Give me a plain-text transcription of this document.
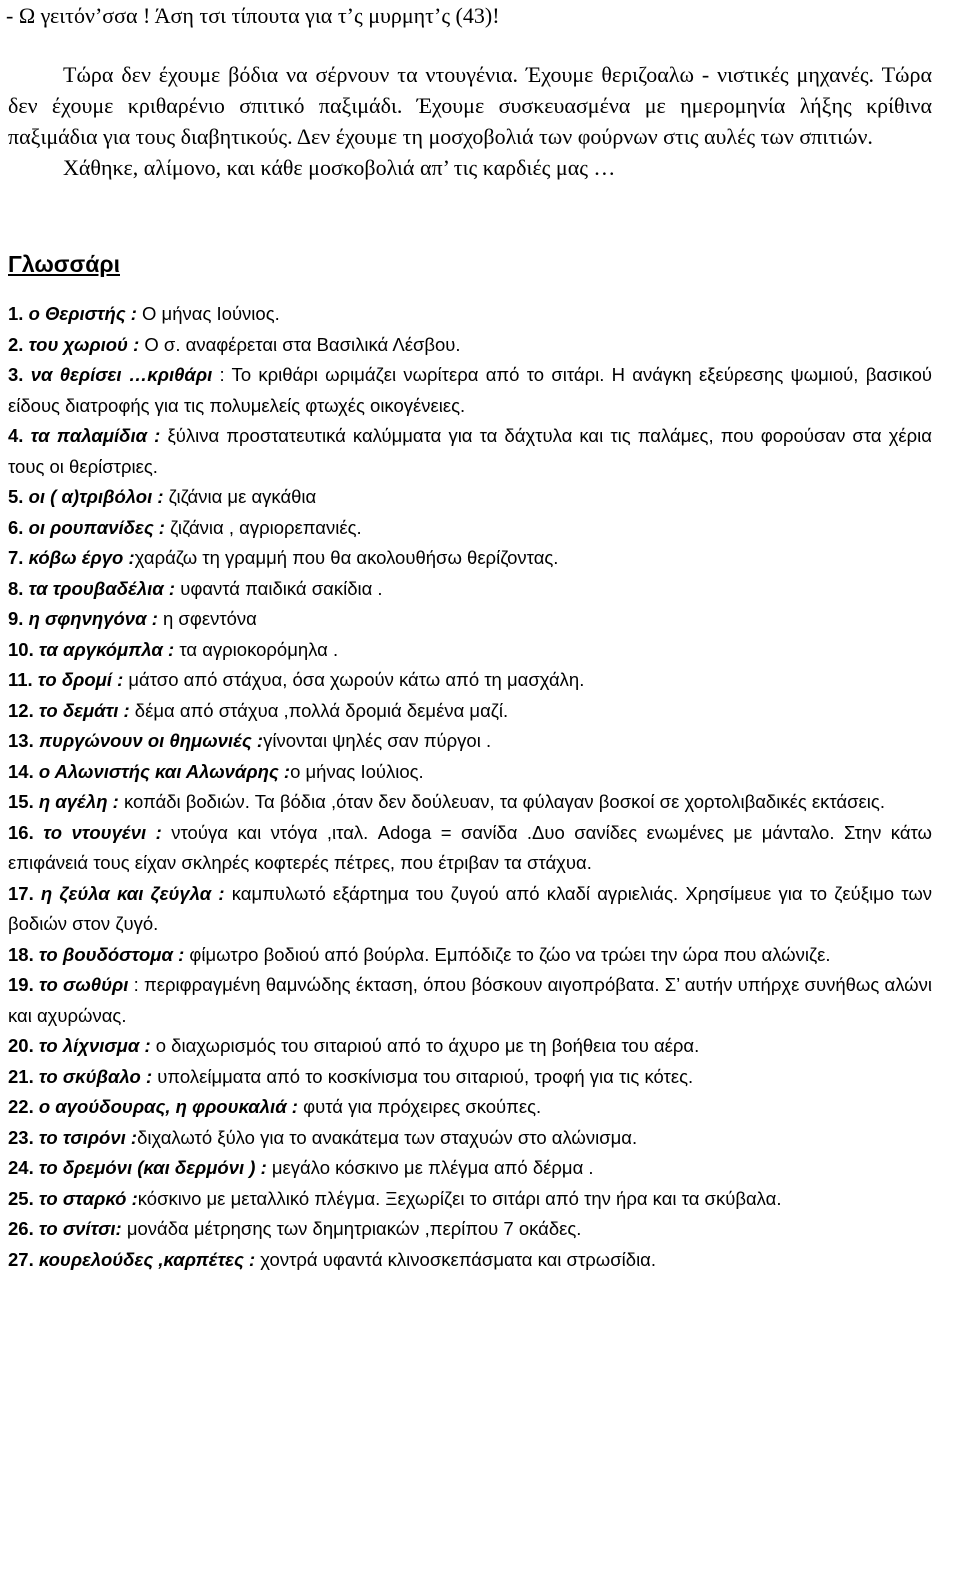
- Ω γειτόν’σσα ! Άση τσι τίπουτα για τ’ς μυρμητ’ς (43)!
Τώρα δεν έχουμε βόδια να σέρνουν τα ντουγένια. Έχουμε θεριζοαλω - νιστικές μηχανές. Τώρα δεν έχουμε κριθαρένιο σπιτικό παξιμάδι. Έχουμε συσκευασμένα με ημερομηνία λήξης κρίθινα παξιμάδια για τους διαβητικούς. Δεν έχουμε τη μοσχοβολιά των φούρνων στις αυλές των σπιτιών.
Χάθηκε, αλίμονο, και κάθε μοσκοβολιά απ’ τις καρδιές μας …
Γλωσσάρι
1. ο Θεριστής : Ο μήνας Ιούνιος.
2. του χωριού : Ο σ. αναφέρεται στα Βασιλικά Λέσβου.
3. να θερίσει …κριθάρι : Το κριθάρι ωριμάζει νωρίτερα από το σιτάρι. Η ανάγκη εξεύρεσης ψωμιού, βασικού είδους διατροφής για τις πολυμελείς φτωχές οικογένειες.
4. τα παλαμίδια : ξύλινα προστατευτικά καλύμματα για τα δάχτυλα και τις παλάμες, που φορούσαν στα χέρια τους οι θερίστριες.
5. οι ( α)τριβόλοι : ζιζάνια με αγκάθια
6. οι ρουπανίδες : ζιζάνια , αγριορεπανιές.
7. κόβω έργο :χαράζω τη γραμμή που θα ακολουθήσω θερίζοντας.
8. τα τρουβαδέλια : υφαντά παιδικά σακίδια .
9. η σφηνηγόνα : η σφεντόνα
10. τα αργκόμπλα : τα αγριοκορόμηλα .
11. το δρομί : μάτσο από στάχυα, όσα χωρούν κάτω από τη μασχάλη.
12. το δεμάτι : δέμα από στάχυα ,πολλά δρομιά δεμένα μαζί.
13. πυργώνουν οι θημωνιές :γίνονται ψηλές σαν πύργοι .
14. ο Αλωνιστής και Αλωνάρης :ο μήνας Ιούλιος.
15. η αγέλη : κοπάδι βοδιών. Τα βόδια ,όταν δεν δούλευαν, τα φύλαγαν βοσκοί σε χορτολιβαδικές εκτάσεις.
16. το ντουγένι : ντούγα και ντόγα ,ιταλ. Adoga = σανίδα .Δυο σανίδες ενωμένες με μάνταλο. Στην κάτω επιφάνειά τους είχαν σκληρές κοφτερές πέτρες, που έτριβαν τα στάχυα.
17. η ζεύλα και ζεύγλα : καμπυλωτό εξάρτημα του ζυγού από κλαδί αγριελιάς. Χρησίμευε για το ζεύξιμο των βοδιών στον ζυγό.
18. το βουδόστομα : φίμωτρο βοδιού από βούρλα. Εμπόδιζε το ζώο να τρώει την ώρα που αλώνιζε.
19. το σωθύρι : περιφραγμένη θαμνώδης έκταση, όπου βόσκουν αιγοπρόβατα. Σ’ αυτήν υπήρχε συνήθως αλώνι και αχυρώνας.
20. το λίχνισμα : ο διαχωρισμός του σιταριού από το άχυρο με τη βοήθεια του αέρα.
21. το σκύβαλο : υπολείμματα από το κοσκίνισμα του σιταριού, τροφή για τις κότες.
22. ο αγούδουρας, η φρουκαλιά : φυτά για πρόχειρες σκούπες.
23. το τσιρόνι :διχαλωτό ξύλο για το ανακάτεμα των σταχυών στο αλώνισμα.
24. το δρεμόνι (και δερμόνι ) : μεγάλο κόσκινο με πλέγμα από δέρμα .
25. το σταρκό :κόσκινο με μεταλλικό πλέγμα. Ξεχωρίζει το σιτάρι από την ήρα και τα σκύβαλα.
26. το σνίτσι: μονάδα μέτρησης των δημητριακών ,περίπου 7 οκάδες.
27. κουρελούδες ,καρπέτες : χοντρά υφαντά κλινοσκεπάσματα και στρωσίδια.
